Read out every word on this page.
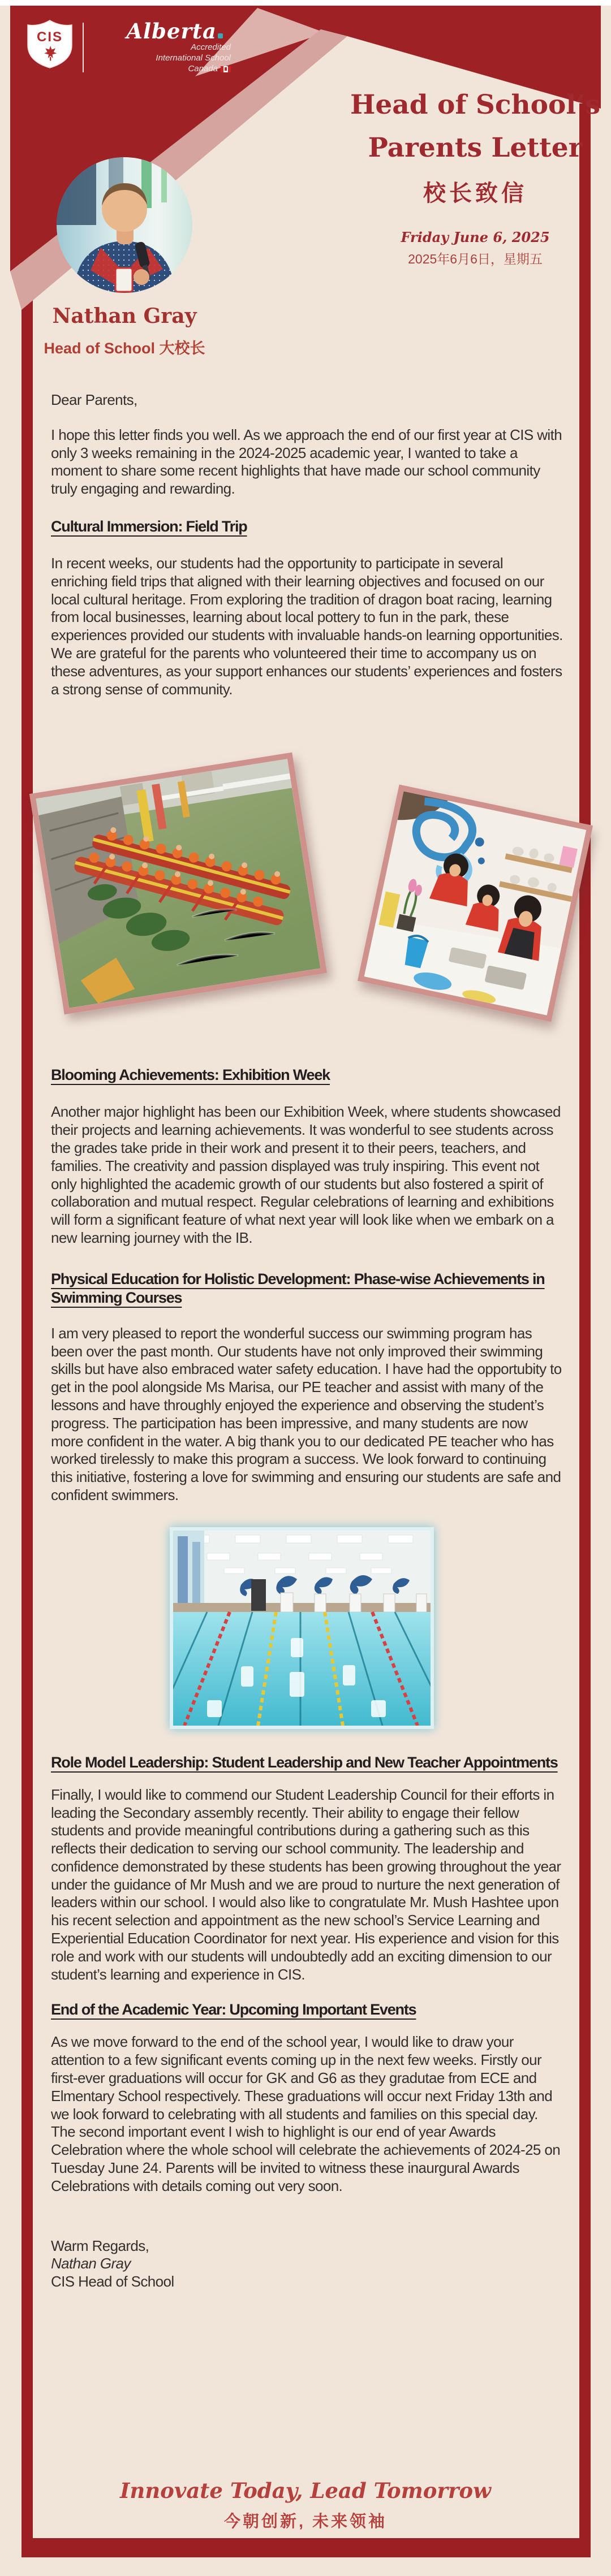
CIS	Alberta
Accredited
International School
Canada
Head of School’s
Parents Letter
校长致信
Friday June 6, 2025
2025年6月6日，星期五
Nathan Gray
Head of School 大校长

Dear Parents,

I hope this letter finds you well. As we approach the end of our first year at CIS with only 3 weeks remaining in the 2024-2025 academic year, I wanted to take a moment to share some recent highlights that have made our school community truly engaging and rewarding.

Cultural Immersion: Field Trip

In recent weeks, our students had the opportunity to participate in several enriching field trips that aligned with their learning objectives and focused on our local cultural heritage. From exploring the tradition of dragon boat racing, learning from local businesses, learning about local pottery to fun in the park, these experiences provided our students with invaluable hands-on learning opportunities. We are grateful for the parents who volunteered their time to accompany us on these adventures, as your support enhances our students’ experiences and fosters a strong sense of community.

Blooming Achievements: Exhibition Week

Another major highlight has been our Exhibition Week, where students showcased their projects and learning achievements. It was wonderful to see students across the grades take pride in their work and present it to their peers, teachers, and families. The creativity and passion displayed was truly inspiring. This event not only highlighted the academic growth of our students but also fostered a spirit of collaboration and mutual respect. Regular celebrations of learning and exhibitions will form a significant feature of what next year will look like when we embark on a new learning journey with the IB.

Physical Education for Holistic Development: Phase-wise Achievements in Swimming Courses

I am very pleased to report the wonderful success our swimming program has been over the past month. Our students have not only improved their swimming skills but have also embraced water safety education. I have had the opportubity to get in the pool alongside Ms Marisa, our PE teacher and assist with many of the lessons and have throughly enjoyed the experience and observing the student’s progress. The participation has been impressive, and many students are now more confident in the water. A big thank you to our dedicated PE teacher who has worked tirelessly to make this program a success. We look forward to continuing this initiative, fostering a love for swimming and ensuring our students are safe and confident swimmers.

Role Model Leadership: Student Leadership and New Teacher Appointments

Finally, I would like to commend our Student Leadership Council for their efforts in leading the Secondary assembly recently. Their ability to engage their fellow students and provide meaningful contributions during a gathering such as this reflects their dedication to serving our school community. The leadership and confidence demonstrated by these students has been growing throughout the year under the guidance of Mr Mush and we are proud to nurture the next generation of leaders within our school. I would also like to congratulate Mr. Mush Hashtee upon his recent selection and appointment as the new school’s Service Learning and Experiential Education Coordinator for next year. His experience and vision for this role and work with our students will undoubtedly add an exciting dimension to our student’s learning and experience in CIS.

End of the Academic Year: Upcoming Important Events

As we move forward to the end of the school year, I would like to draw your attention to a few significant events coming up in the next few weeks. Firstly our first-ever graduations will occur for GK and G6 as they gradutae from ECE and Elmentary School respectively. These graduations will occur next Friday 13th and we look forward to celebrating with all students and families on this special day. The second important event I wish to highlight is our end of year Awards Celebration where the whole school will celebrate the achievements of 2024-25 on Tuesday June 24. Parents will be invited to witness these inaurgural Awards Celebrations with details coming out very soon.

Warm Regards,
Nathan Gray
CIS Head of School
Innovate Today, Lead Tomorrow
今朝创新, 未来领袖
